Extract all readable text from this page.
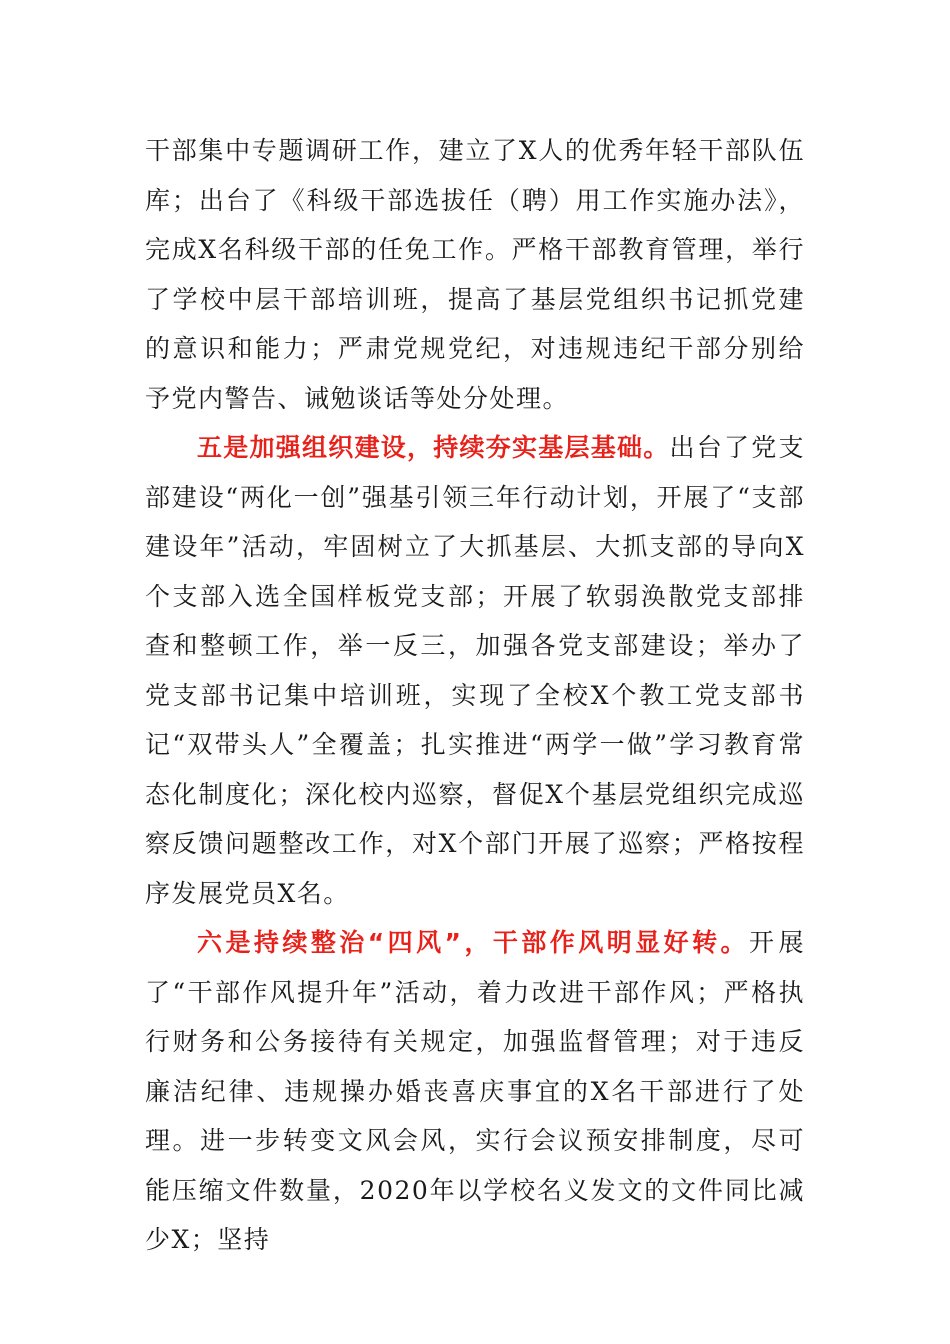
干部集中专题调研工作，建立了X人的优秀年轻干部队伍库；出台了《科级干部选拔任（聘）用工作实施办法》，完成X名科级干部的任免工作。严格干部教育管理，举行了学校中层干部培训班，提高了基层党组织书记抓党建的意识和能力；严肃党规党纪，对违规违纪干部分别给予党内警告、诫勉谈话等处分处理。

五是加强组织建设，持续夯实基层基础。出台了党支部建设“两化一创”强基引领三年行动计划，开展了“支部建设年”活动，牢固树立了大抓基层、大抓支部的导向X个支部入选全国样板党支部；开展了软弱涣散党支部排查和整顿工作，举一反三，加强各党支部建设；举办了党支部书记集中培训班，实现了全校X个教工党支部书记“双带头人”全覆盖；扎实推进“两学一做”学习教育常态化制度化；深化校内巡察，督促X个基层党组织完成巡察反馈问题整改工作，对X个部门开展了巡察；严格按程序发展党员X名。

六是持续整治“四风”，干部作风明显好转。开展了“干部作风提升年”活动，着力改进干部作风；严格执行财务和公务接待有关规定，加强监督管理；对于违反廉洁纪律、违规操办婚丧喜庆事宜的X名干部进行了处理。进一步转变文风会风，实行会议预安排制度，尽可能压缩文件数量，2020年以学校名义发文的文件同比减少X；坚持
